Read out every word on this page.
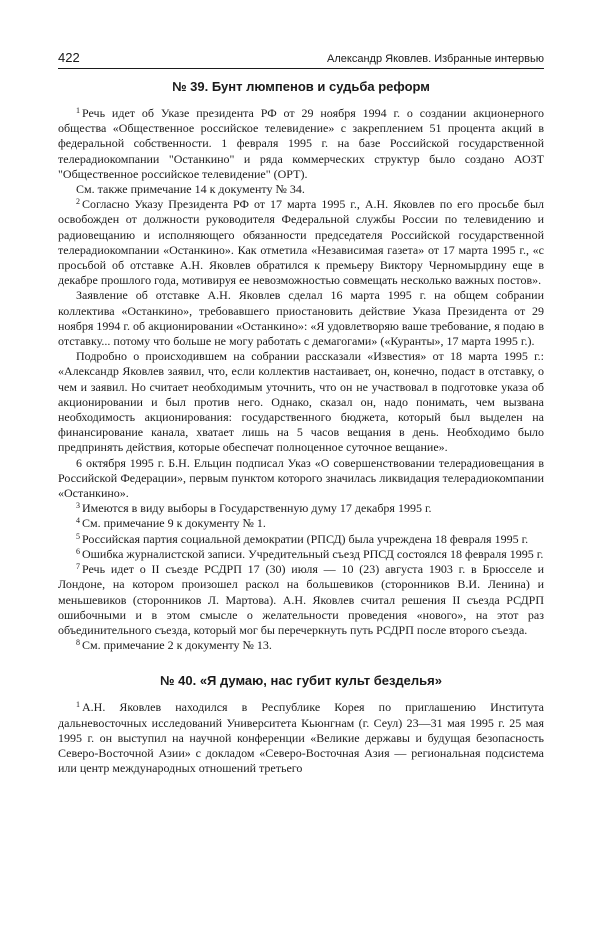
422	Александр Яковлев. Избранные интервью
№ 39. Бунт люмпенов и судьба реформ

$^1$ Речь идет об Указе президента РФ от 29 ноября 1994 г. о создании акционерного общества «Общественное российское телевидение» с закреплением 51 процента акций в федеральной собственности. 1 февраля 1995 г. на базе Российской государственной телерадиокомпании "Останкино" и ряда коммерческих структур было создано АОЗТ "Общественное российское телевидение" (ОРТ).

См. также примечание 14 к документу № 34.

$^2$ Согласно Указу Президента РФ от 17 марта 1995 г., А.Н. Яковлев по его просьбе был освобожден от должности руководителя Федеральной службы России по телевидению и радиовещанию и исполняющего обязанности председателя Российской государственной телерадиокомпании «Останкино». Как отметила «Независимая газета» от 17 марта 1995 г., «с просьбой об отставке А.Н. Яковлев обратился к премьеру Виктору Черномырдину еще в декабре прошлого года, мотивируя ее невозможностью совмещать несколько важных постов».

Заявление об отставке А.Н. Яковлев сделал 16 марта 1995 г. на общем собрании коллектива «Останкино», требовавшего приостановить действие Указа Президента от 29 ноября 1994 г. об акционировании «Останкино»: «Я удовлетворяю ваше требование, я подаю в отставку... потому что больше не могу работать с демагогами» («Куранты», 17 марта 1995 г.).

Подробно о происходившем на собрании рассказали «Известия» от 18 марта 1995 г.: «Александр Яковлев заявил, что, если коллектив настаивает, он, конечно, подаст в отставку, о чем и заявил. Но считает необходимым уточнить, что он не участвовал в подготовке указа об акционировании и был против него. Однако, сказал он, надо понимать, чем вызвана необходимость акционирования: государственного бюджета, который был выделен на финансирование канала, хватает лишь на 5 часов вещания в день. Необходимо было предпринять действия, которые обеспечат полноценное суточное вещание».

6 октября 1995 г. Б.Н. Ельцин подписал Указ «О совершенствовании телерадиовещания в Российской Федерации», первым пунктом которого значилась ликвидация телерадиокомпании «Останкино».

$^3$ Имеются в виду выборы в Государственную думу 17 декабря 1995 г.

$^4$ См. примечание 9 к документу № 1.

$^5$ Российская партия социальной демократии (РПСД) была учреждена 18 февраля 1995 г.

$^6$ Ошибка журналистской записи. Учредительный съезд РПСД состоялся 18 февраля 1995 г.

$^7$ Речь идет о II съезде РСДРП 17 (30) июля — 10 (23) августа 1903 г. в Брюсселе и Лондоне, на котором произошел раскол на большевиков (сторонников В.И. Ленина) и меньшевиков (сторонников Л. Мартова). А.Н. Яковлев считал решения II съезда РСДРП ошибочными и в этом смысле о желательности проведения «нового», на этот раз объединительного съезда, который мог бы перечеркнуть путь РСДРП после второго съезда.

$^8$ См. примечание 2 к документу № 13.

№ 40. «Я думаю, нас губит культ безделья»

$^1$ А.Н. Яковлев находился в Республике Корея по приглашению Института дальневосточных исследований Университета Кьюнгнам (г. Сеул) 23—31 мая 1995 г. 25 мая 1995 г. он выступил на научной конференции «Великие державы и будущая безопасность Северо-Восточной Азии» с докладом «Северо-Восточная Азия — региональная подсистема или центр международных отношений третьего
